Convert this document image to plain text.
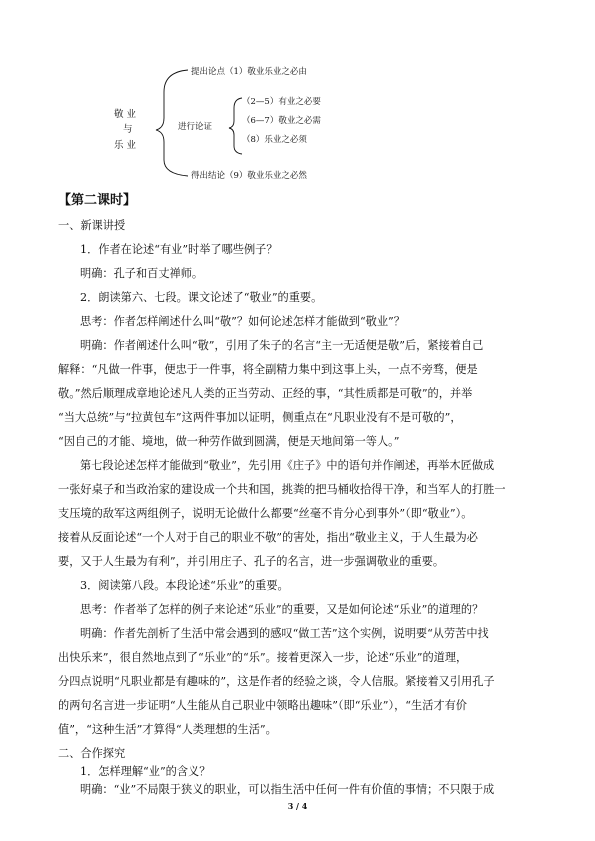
敬 业
与
乐 业
提出论点（1）敬业乐业之必由
进行论证
（2—5）有业之必要
（6—7）敬业之必需
（8）乐业之必须
得出结论（9）敬业乐业之必然
【第二课时】
一、新课讲授
1．作者在论述“有业”时举了哪些例子？
明确：孔子和百丈禅师。
2．朗读第六、七段。课文论述了“敬业”的重要。
思考：作者怎样阐述什么叫“敬”？如何论述怎样才能做到“敬业”？
明确：作者阐述什么叫“敬”，引用了朱子的名言“主一无适便是敬”后，紧接着自己
解释：“凡做一件事，便忠于一件事，将全副精力集中到这事上头，一点不旁骛，便是
敬。”然后顺理成章地论述凡人类的正当劳动、正经的事，“其性质都是可敬”的，并举
“当大总统”与“拉黄包车”这两件事加以证明，侧重点在“凡职业没有不是可敬的”，
“因自己的才能、境地，做一种劳作做到圆满，便是天地间第一等人。”
第七段论述怎样才能做到“敬业”，先引用《庄子》中的语句并作阐述，再举木匠做成
一张好桌子和当政治家的建设成一个共和国，挑粪的把马桶收拾得干净，和当军人的打胜一
支压境的敌军这两组例子，说明无论做什么都要“丝毫不肯分心到事外”（即“敬业”）。
接着从反面论述“一个人对于自己的职业不敬”的害处，指出“敬业主义，于人生最为必
要，又于人生最为有利”，并引用庄子、孔子的名言，进一步强调敬业的重要。
3．阅读第八段。本段论述“乐业”的重要。
思考：作者举了怎样的例子来论述“乐业”的重要，又是如何论述“乐业”的道理的？
明确：作者先剖析了生活中常会遇到的感叹“做工苦”这个实例，说明要“从劳苦中找
出快乐来”，很自然地点到了“乐业”的“乐”。接着更深入一步，论述“乐业”的道理，
分四点说明“凡职业都是有趣味的”，这是作者的经验之谈，令人信服。紧接着又引用孔子
的两句名言进一步证明“人生能从自己职业中领略出趣味”（即“乐业”），“生活才有价
值”，“这种生活”才算得“人类理想的生活”。
二、合作探究
1．怎样理解“业”的含义？
明确：“业”不局限于狭义的职业，可以指生活中任何一件有价值的事情；不只限于成
3 / 4
